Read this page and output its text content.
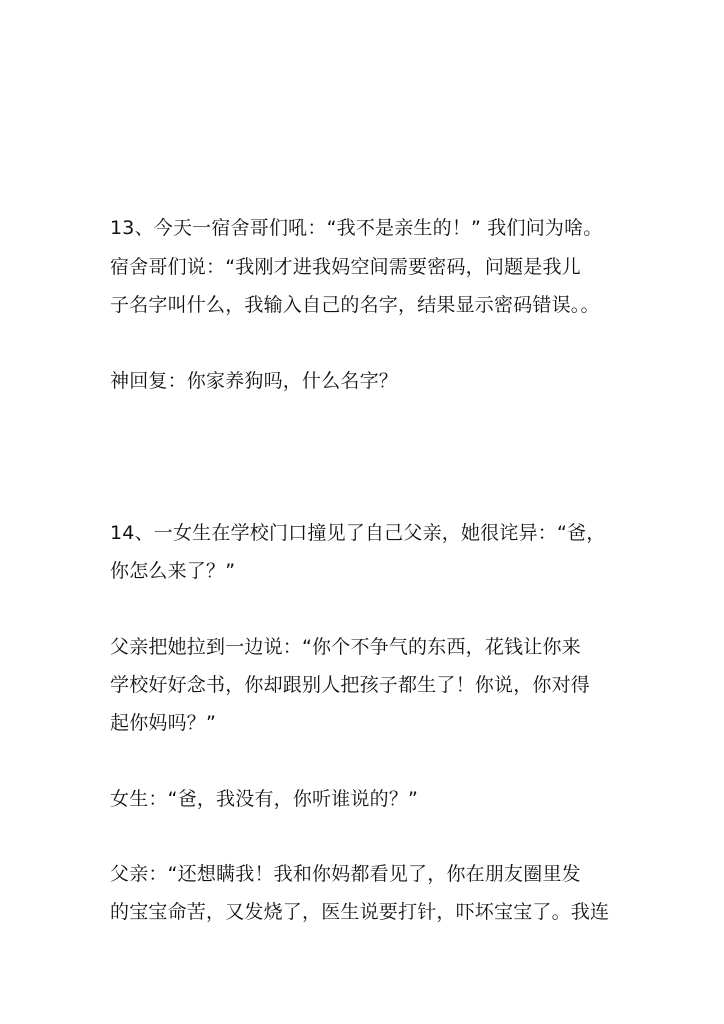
13、今天一宿舍哥们吼：“我不是亲生的！” 我们问为啥。
宿舍哥们说：“我刚才进我妈空间需要密码，问题是我儿
子名字叫什么，我输入自己的名字，结果显示密码错误。。
神回复：你家养狗吗，什么名字？
14、一女生在学校门口撞见了自己父亲，她很诧异：“爸，
你怎么来了？”
父亲把她拉到一边说：“你个不争气的东西，花钱让你来
学校好好念书，你却跟别人把孩子都生了！你说，你对得
起你妈吗？”
女生：“爸，我没有，你听谁说的？”
父亲：“还想瞒我！我和你妈都看见了，你在朋友圈里发
的宝宝命苦，又发烧了，医生说要打针，吓坏宝宝了。我连
